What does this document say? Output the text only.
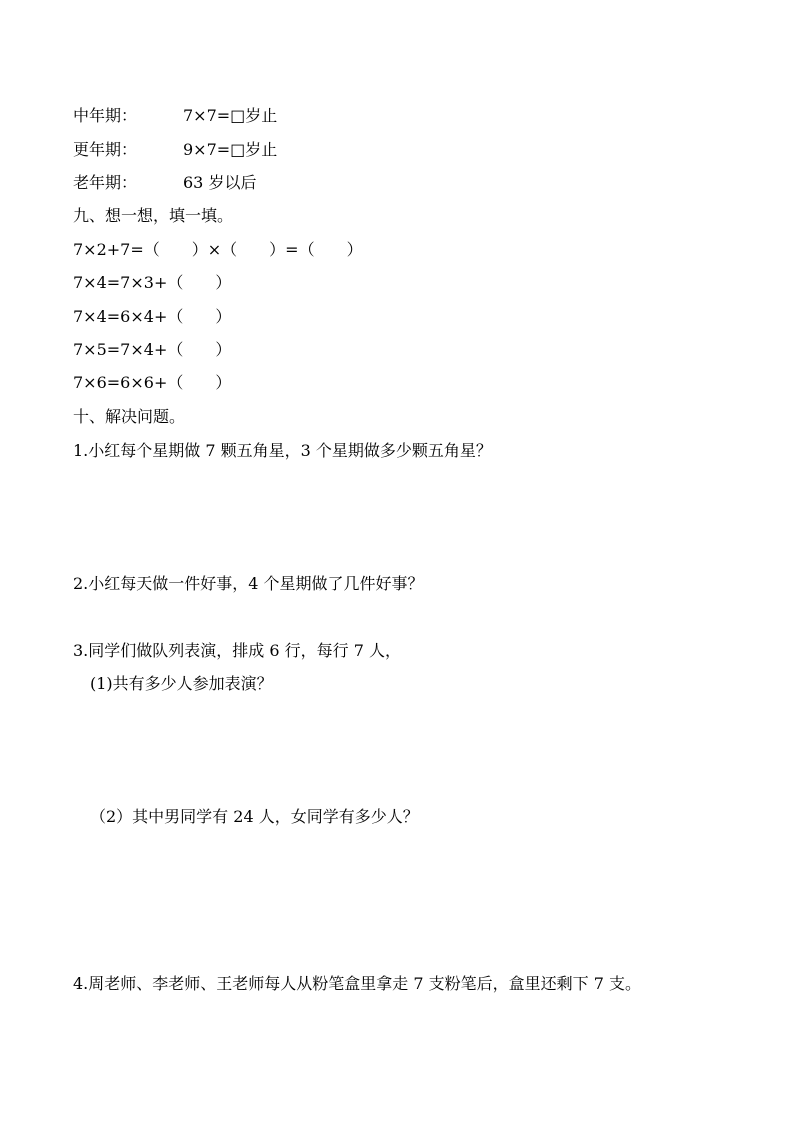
中年期：	7×7=□岁止
更年期：	9×7=□岁止
老年期：	63 岁以后
九、想一想，填一填。
7×2+7=（　　）×（　　）=（　　）
7×4=7×3+（　　）
7×4=6×4+（　　）
7×5=7×4+（　　）
7×6=6×6+（　　）
十、解决问题。
1.小红每个星期做 7 颗五角星，3 个星期做多少颗五角星？
2.小红每天做一件好事，4 个星期做了几件好事？
3.同学们做队列表演，排成 6 行，每行 7 人，
(1)共有多少人参加表演？
（2）其中男同学有 24 人，女同学有多少人？
4.周老师、李老师、王老师每人从粉笔盒里拿走 7 支粉笔后，盒里还剩下 7 支。
